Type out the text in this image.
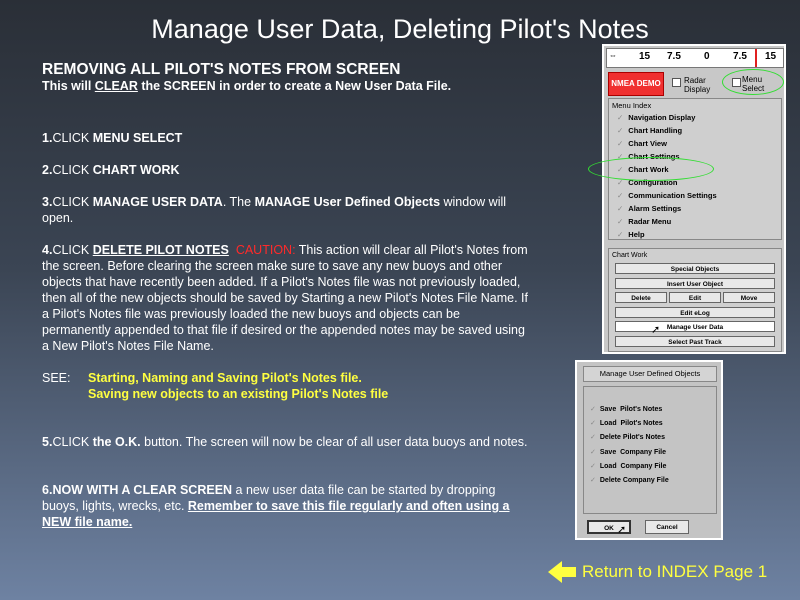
Manage User Data, Deleting Pilot's Notes
REMOVING ALL PILOT'S NOTES FROM SCREEN
This will CLEAR the SCREEN in order to create a New User Data File.
1.CLICK MENU SELECT
2.CLICK CHART WORK
3.CLICK MANAGE USER DATA. The MANAGE User Defined Objects window will open.
4.CLICK DELETE PILOT NOTES CAUTION: This action will clear all Pilot's Notes from the screen. Before clearing the screen make sure to save any new buoys and other objects that have recently been added. If a Pilot's Notes file was not previously loaded, then all of the new objects should be saved by Starting a new Pilot's Notes File Name. If a Pilot's Notes file was previously loaded the new buoys and objects can be permanently appended to that file if desired or the appended notes may be saved using a New Pilot's Notes File Name.
SEE: Starting, Naming and Saving Pilot's Notes file.
Saving new objects to an existing Pilot's Notes file
5.CLICK the O.K. button. The screen will now be clear of all user data buoys and notes.
6.NOW WITH A CLEAR SCREEN a new user data file can be started by dropping buoys, lights, wrecks, etc. Remember to save this file regularly and often using a NEW file name.
⇔ 15 7.5 0 7.5 15
NMEA DEMO	Radar
Display
Menu
Select
Menu Index
✓ Navigation Display
✓ Chart Handling
✓ Chart View
✓ Chart Settings
✓ Chart Work
✓ Configuration
✓ Communication Settings
✓ Alarm Settings
✓ Radar Menu
✓ Help
Chart Work
Special Objects
Insert User Object
Delete	Edit	Move
Edit eLog
Manage User Data
Select Past Track
➚
Manage User Defined Objects
✓ Save Pilot's Notes
✓ Load Pilot's Notes
✓ Delete Pilot's Notes
✓ Save Company File
✓ Load Company File
✓ Delete Company File
OK	Cancel
➚
Return to INDEX Page 1
